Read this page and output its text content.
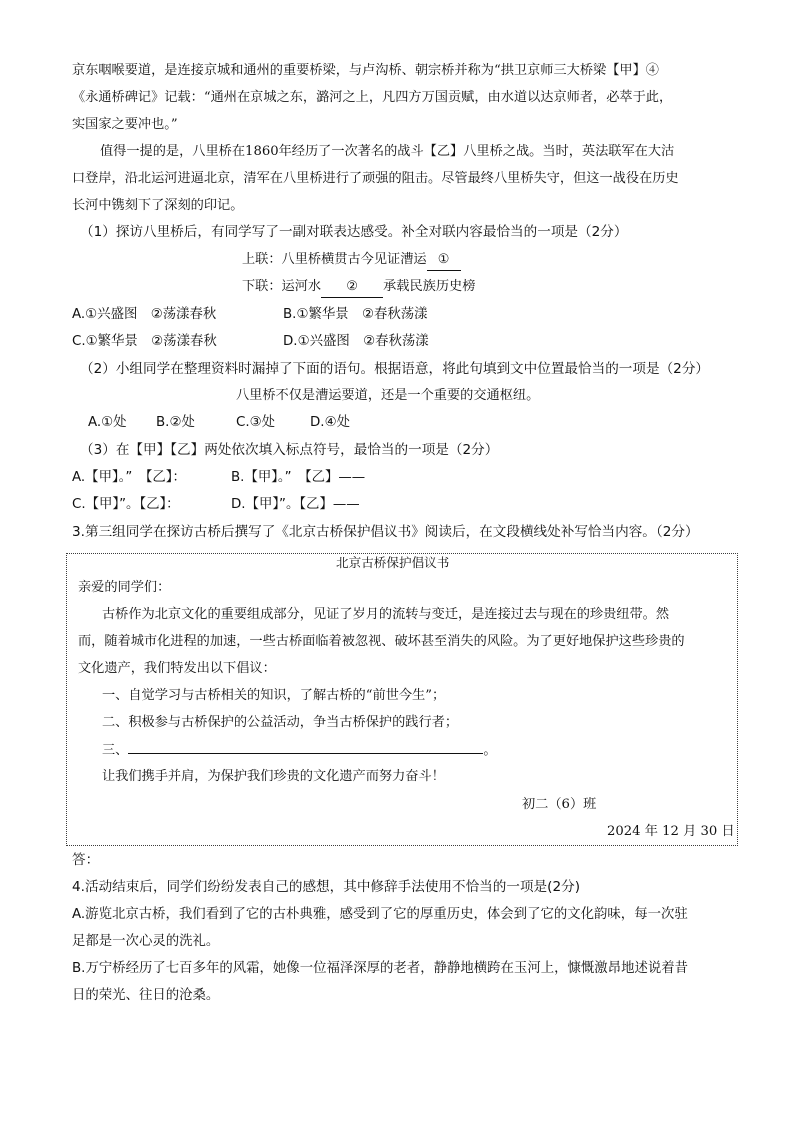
京东咽喉要道，是连接京城和通州的重要桥梁，与卢沟桥、朝宗桥并称为“拱卫京师三大桥梁【甲】④
《永通桥碑记》记载：“通州在京城之东，潞河之上，凡四方万国贡赋，由水道以达京师者，必萃于此，
实国家之要冲也。”
值得一提的是，八里桥在1860年经历了一次著名的战斗【乙】八里桥之战。当时，英法联军在大沽
口登岸，沿北运河进逼北京，清军在八里桥进行了顽强的阻击。尽管最终八里桥失守，但这一战役在历史
长河中镌刻下了深刻的印记。
（1）探访八里桥后，有同学写了一副对联表达感受。补全对联内容最恰当的一项是（2分）
上联：八里桥横贯古今见证漕运 ①
下联：运河水 ② 承载民族历史榜
A.①兴盛图　②荡漾春秋	B.①繁华景　②春秋荡漾
C.①繁华景　②荡漾春秋	D.①兴盛图　②春秋荡漾
（2）小组同学在整理资料时漏掉了下面的语句。根据语意，将此句填到文中位置最恰当的一项是（2分）
八里桥不仅是漕运要道，还是一个重要的交通枢纽。
A.①处 B.②处	C.③处	D.④处
（3）在【甲】【乙】两处依次填入标点符号，最恰当的一项是（2分）
A.【甲】。”　【乙】：	B.【甲】。”　【乙】——
C.【甲】”。【乙】：	D.【甲】”。【乙】——
3.第三组同学在探访古桥后撰写了《北京古桥保护倡议书》阅读后，在文段横线处补写恰当内容。（2分）
北京古桥保护倡议书
亲爱的同学们：
古桥作为北京文化的重要组成部分，见证了岁月的流转与变迁，是连接过去与现在的珍贵纽带。然
而，随着城市化进程的加速，一些古桥面临着被忽视、破坏甚至消失的风险。为了更好地保护这些珍贵的
文化遗产，我们特发出以下倡议：
一、自觉学习与古桥相关的知识，了解古桥的“前世今生”；
二、积极参与古桥保护的公益活动，争当古桥保护的践行者；
三、	。
让我们携手并肩，为保护我们珍贵的文化遗产而努力奋斗！
初二（6）班
2024 年 12 月 30 日
答：
4.活动结束后，同学们纷纷发表自己的感想，其中修辞手法使用不恰当的一项是(2分)
A.游览北京古桥，我们看到了它的古朴典雅，感受到了它的厚重历史，体会到了它的文化韵味，每一次驻
足都是一次心灵的洗礼。
B.万宁桥经历了七百多年的风霜，她像一位福泽深厚的老者，静静地横跨在玉河上，慷慨激昂地述说着昔
日的荣光、往日的沧桑。
